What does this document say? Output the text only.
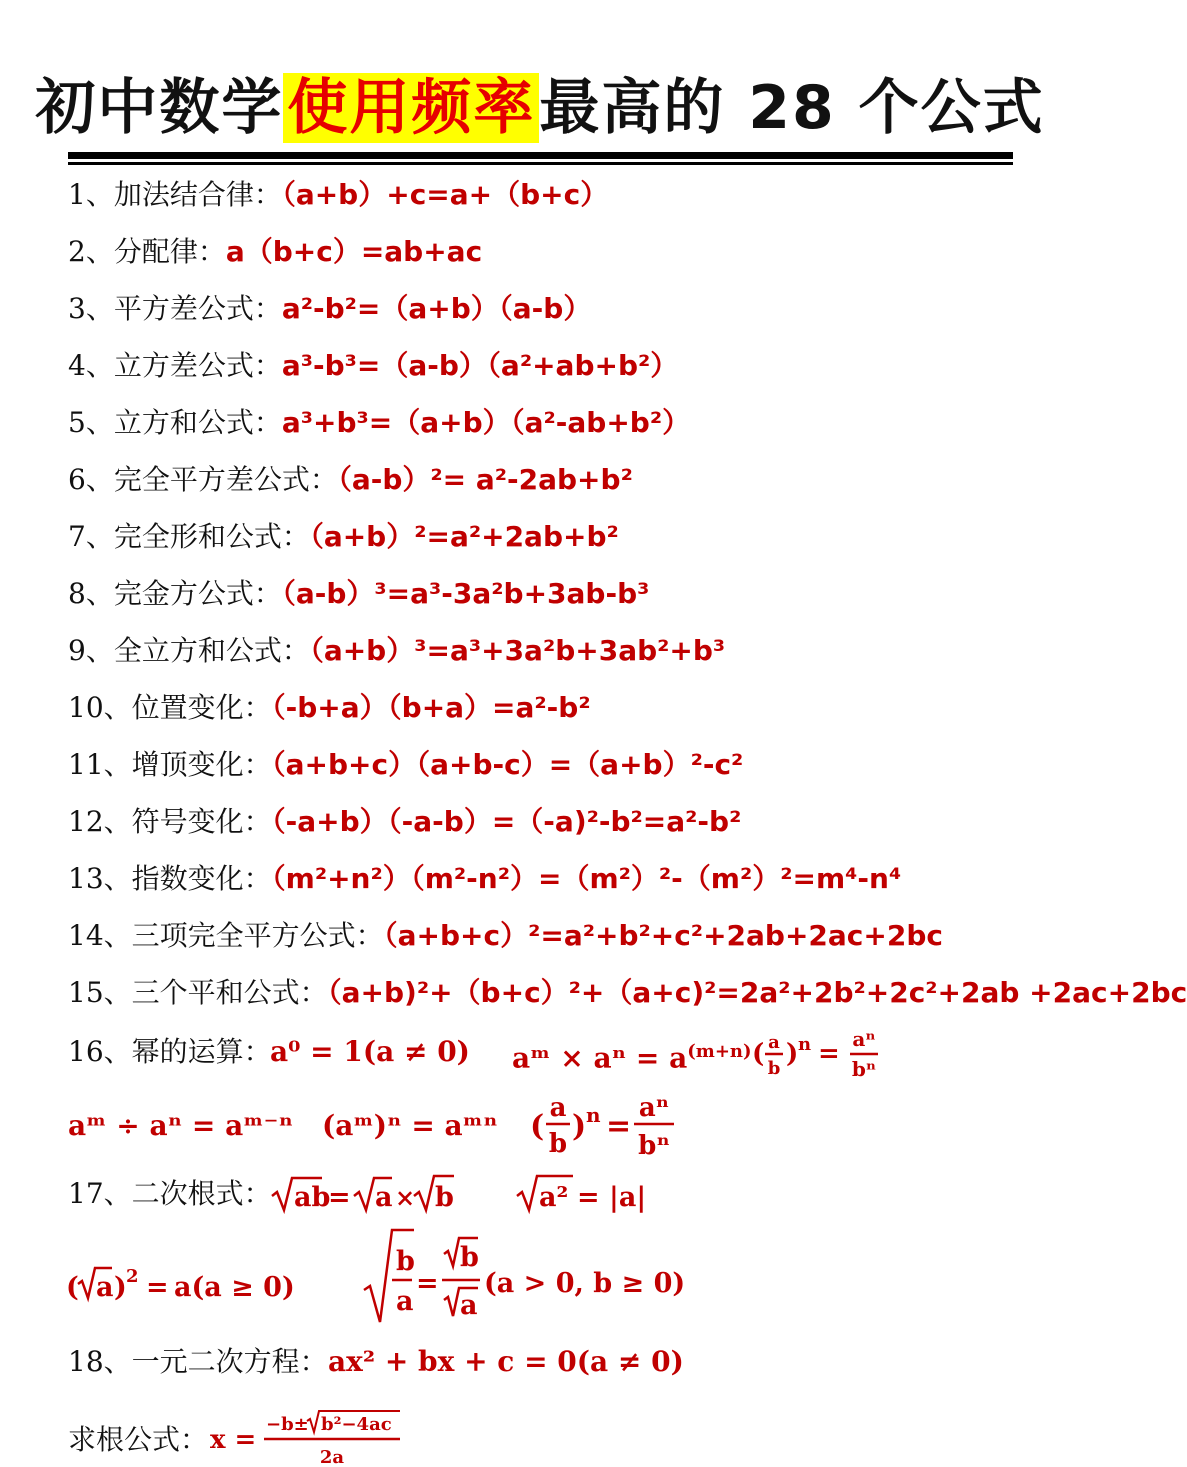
初中数学使用频率最高的 28 个公式
1、加法结合律：（a+b）+c=a+（b+c）
2、分配律：a（b+c）=ab+ac
3、平方差公式：a²-b²=（a+b）（a-b）
4、立方差公式：a³-b³=（a-b）（a²+ab+b²）
5、立方和公式：a³+b³=（a+b）（a²-ab+b²）
6、完全平方差公式：（a-b）²= a²-2ab+b²
7、完全形和公式：（a+b）²=a²+2ab+b²
8、完金方公式：（a-b）³=a³-3a²b+3ab-b³
9、全立方和公式：（a+b）³=a³+3a²b+3ab²+b³
10、位置变化：（-b+a）（b+a）=a²-b²
11、增顶变化：（a+b+c）（a+b-c）=（a+b）²-c²
12、符号变化：（-a+b）（-a-b）=（-a)²-b²=a²-b²
13、指数变化：（m²+n²）（m²-n²）=（m²）²-（m²）²=m⁴-n⁴
14、三项完全平方公式：（a+b+c）²=a²+b²+c²+2ab+2ac+2bc
15、三个平和公式：（a+b)²+（b+c）²+（a+c)²=2a²+2b²+2c²+2ab +2ac+2bc
16、幂的运算：
a⁰ = 1(a ≠ 0) aᵐ × $a^n = a^{(m+n)}$ ( a
b ) n = aⁿ
bⁿ
aᵐ ÷ aⁿ = aᵐ⁻ⁿ (aᵐ)ⁿ = aᵐⁿ (
a
b ) n =
aⁿ
bⁿ
17、二次根式： ab
= a × b	a² = |a|
( a ) 2 = a(a ≥ 0)
b
a
=
b
a
(a > 0, b ≥ 0)
18、一元二次方程： ax² + bx + c = 0(a ≠ 0)
求根公式： x =
−b± b²−4ac
2a
